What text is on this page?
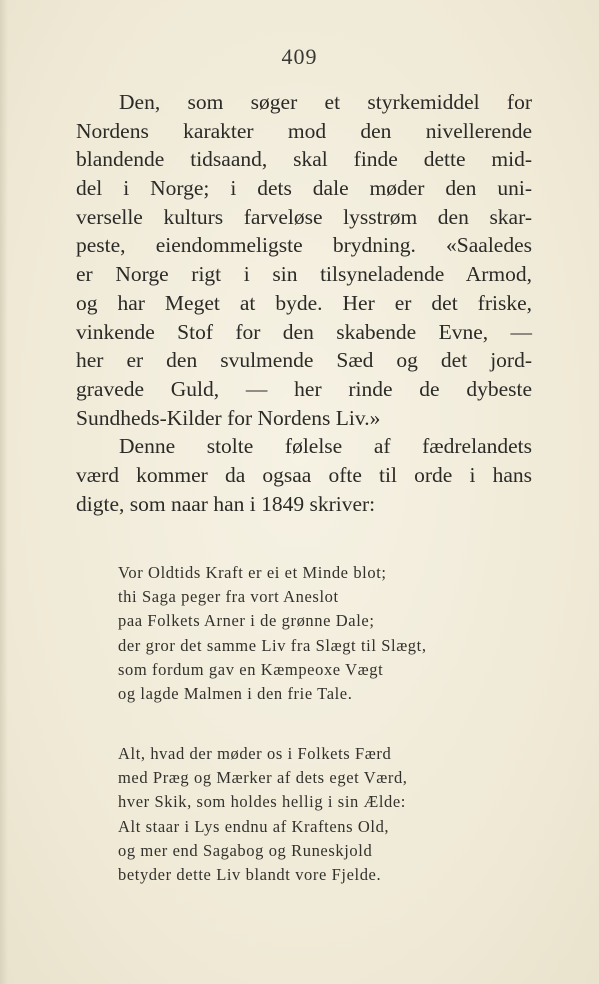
409
Den, som søger et styrkemiddel for
Nordens karakter mod den nivellerende
blandende tidsaand, skal finde dette mid-
del i Norge; i dets dale møder den uni-
verselle kulturs farveløse lysstrøm den skar-
peste, eiendommeligste brydning. «Saaledes
er Norge rigt i sin tilsyneladende Armod,
og har Meget at byde. Her er det friske,
vinkende Stof for den skabende Evne, —
her er den svulmende Sæd og det jord-
gravede Guld, — her rinde de dybeste
Sundheds-Kilder for Nordens Liv.»
Denne stolte følelse af fædrelandets
værd kommer da ogsaa ofte til orde i hans
digte, som naar han i 1849 skriver:
Vor Oldtids Kraft er ei et Minde blot;
thi Saga peger fra vort Aneslot
paa Folkets Arner i de grønne Dale;
der gror det samme Liv fra Slægt til Slægt,
som fordum gav en Kæmpeoxe Vægt
og lagde Malmen i den frie Tale.
Alt, hvad der møder os i Folkets Færd
med Præg og Mærker af dets eget Værd,
hver Skik, som holdes hellig i sin Ælde:
Alt staar i Lys endnu af Kraftens Old,
og mer end Sagabog og Runeskjold
betyder dette Liv blandt vore Fjelde.
